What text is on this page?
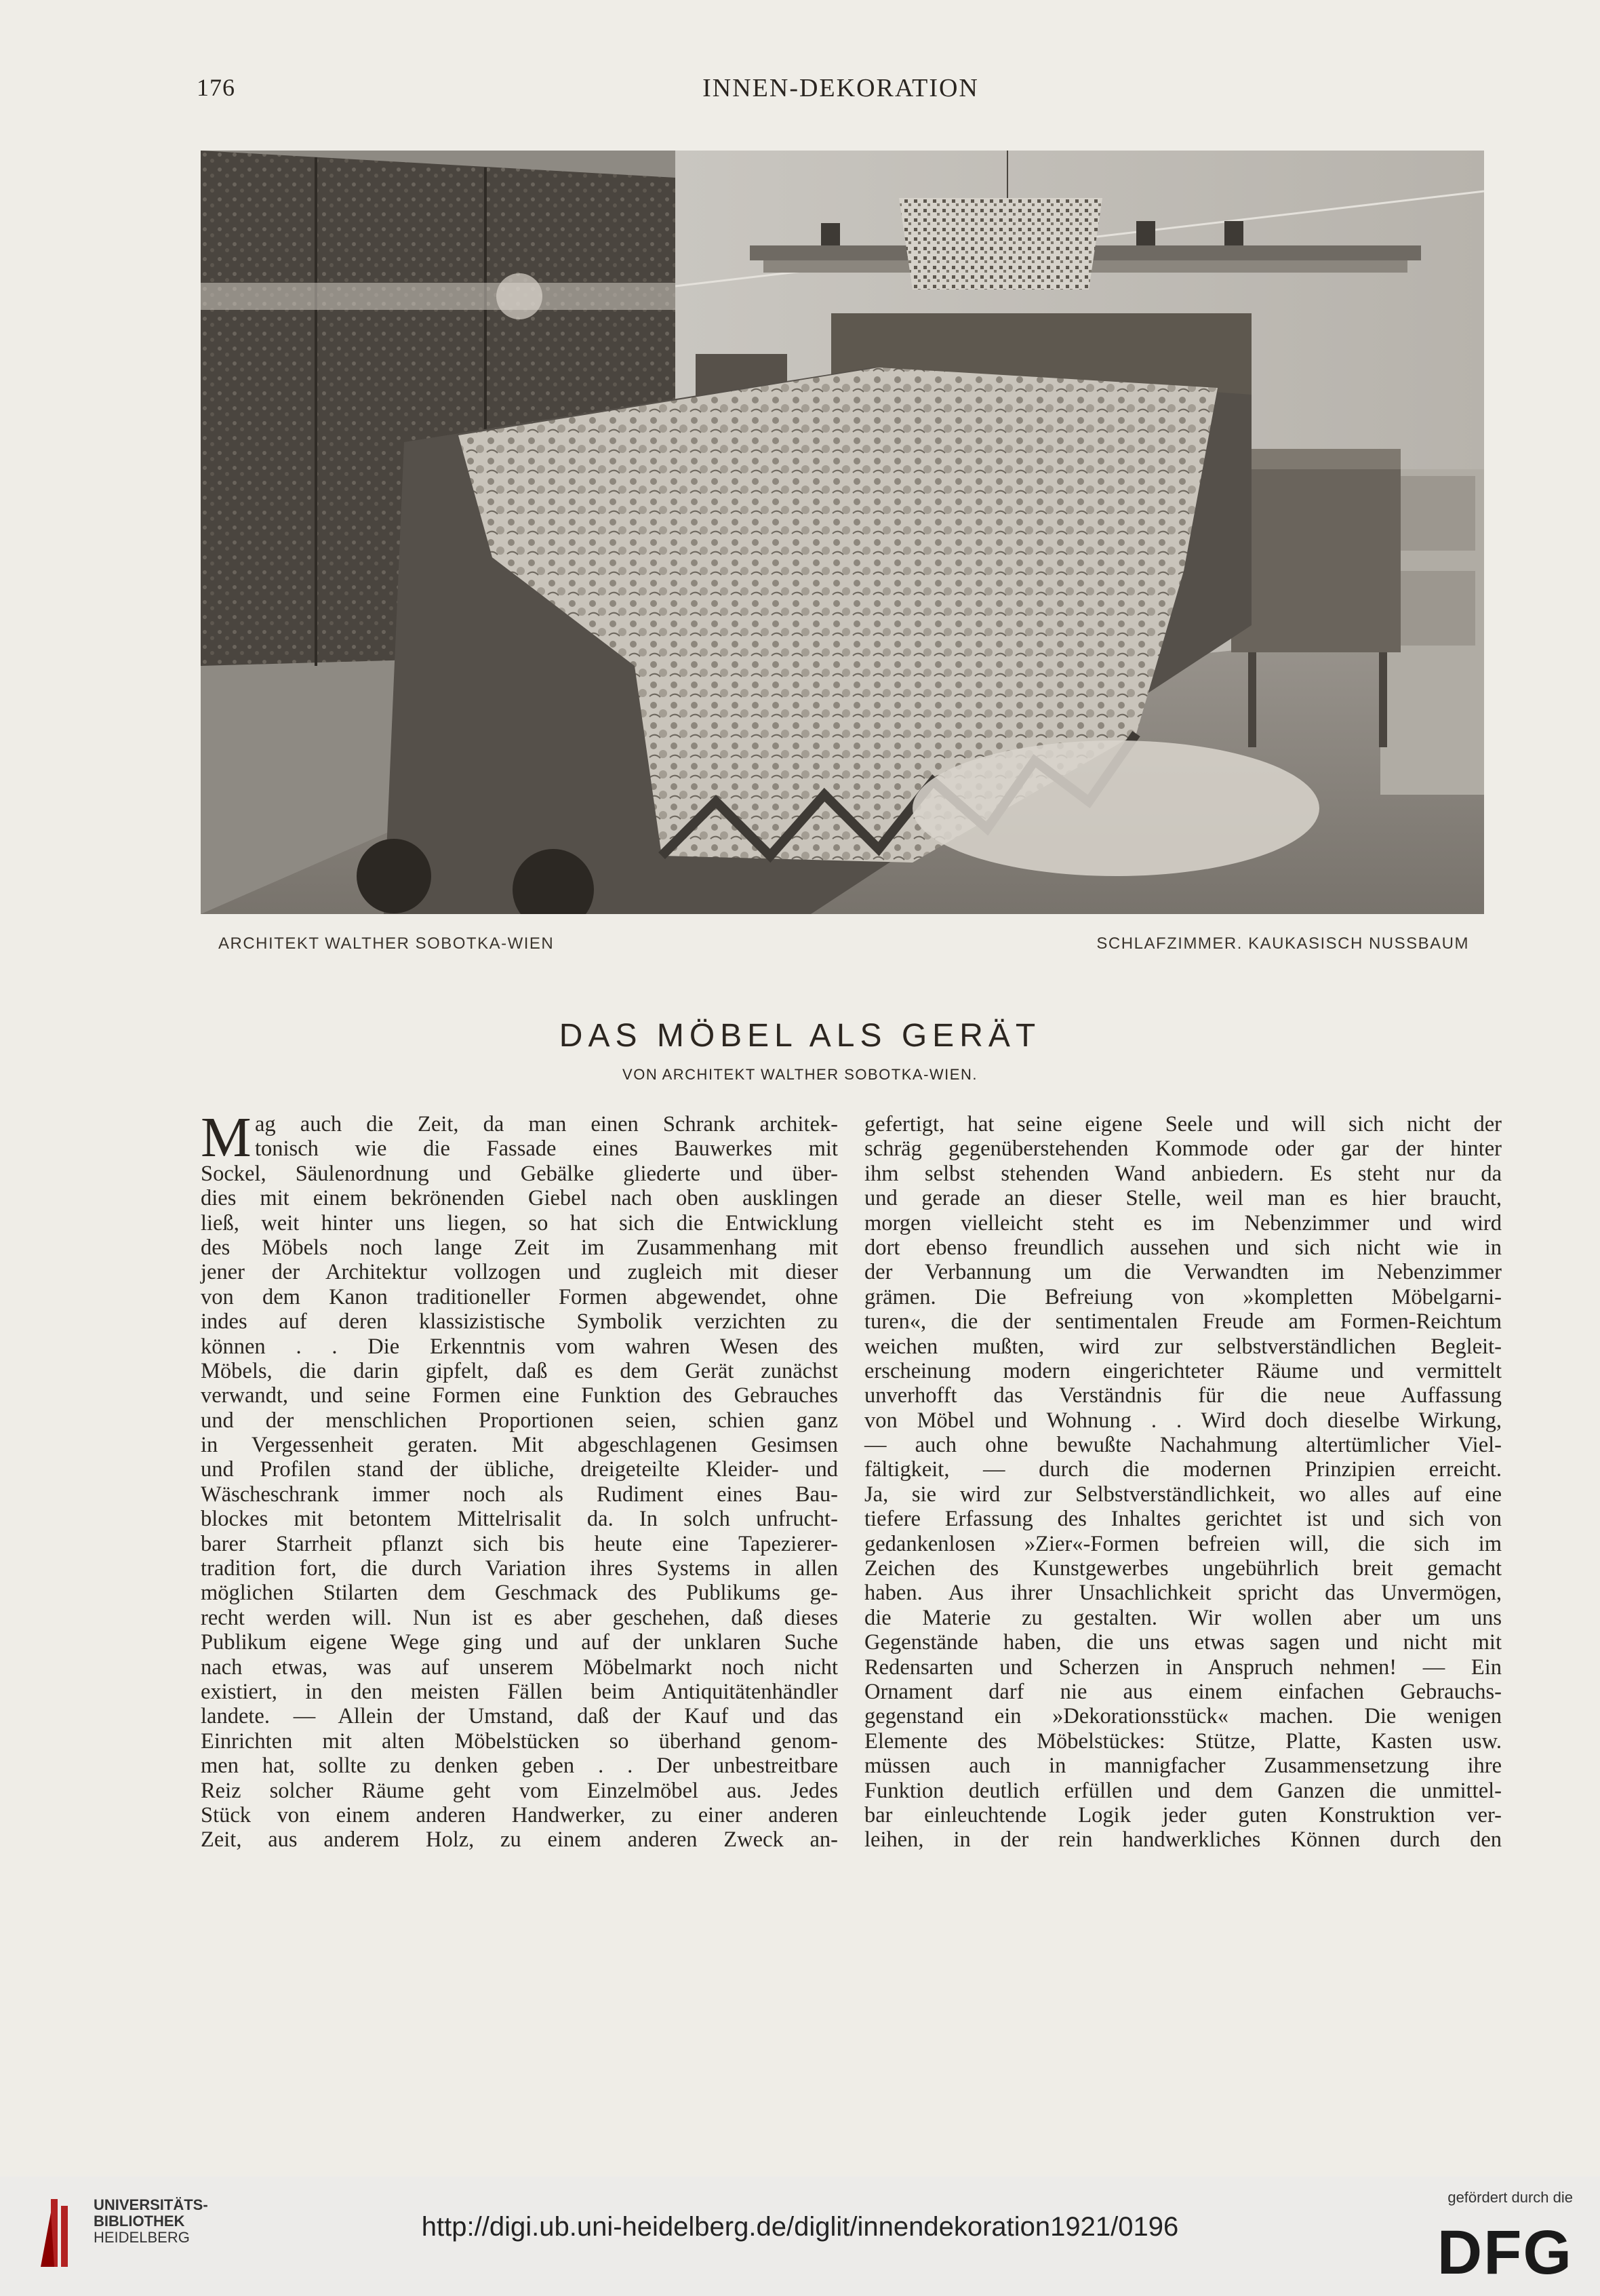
176	INNEN-DEKORATION
ARCHITEKT WALTHER SOBOTKA-WIEN	SCHLAFZIMMER. KAUKASISCH NUSSBAUM
DAS MÖBEL ALS GERÄT
VON ARCHITEKT WALTHER SOBOTKA-WIEN.
M ag auch die Zeit, da man einen Schrank architek-
tonisch wie die Fassade eines Bauwerkes mit
Sockel, Säulenordnung und Gebälke gliederte und über-
dies mit einem bekrönenden Giebel nach oben ausklingen
ließ, weit hinter uns liegen, so hat sich die Entwicklung
des Möbels noch lange Zeit im Zusammenhang mit
jener der Architektur vollzogen und zugleich mit dieser
von dem Kanon traditioneller Formen abgewendet, ohne
indes auf deren klassizistische Symbolik verzichten zu
können . . Die Erkenntnis vom wahren Wesen des
Möbels, die darin gipfelt, daß es dem Gerät zunächst
verwandt, und seine Formen eine Funktion des Gebrauches
und der menschlichen Proportionen seien, schien ganz
in Vergessenheit geraten. Mit abgeschlagenen Gesimsen
und Profilen stand der übliche, dreigeteilte Kleider- und
Wäscheschrank immer noch als Rudiment eines Bau-
blockes mit betontem Mittelrisalit da. In solch unfrucht-
barer Starrheit pflanzt sich bis heute eine Tapezierer-
tradition fort, die durch Variation ihres Systems in allen
möglichen Stilarten dem Geschmack des Publikums ge-
recht werden will. Nun ist es aber geschehen, daß dieses
Publikum eigene Wege ging und auf der unklaren Suche
nach etwas, was auf unserem Möbelmarkt noch nicht
existiert, in den meisten Fällen beim Antiquitätenhändler
landete. — Allein der Umstand, daß der Kauf und das
Einrichten mit alten Möbelstücken so überhand genom-
men hat, sollte zu denken geben . . Der unbestreitbare
Reiz solcher Räume geht vom Einzelmöbel aus. Jedes
Stück von einem anderen Handwerker, zu einer anderen
Zeit, aus anderem Holz, zu einem anderen Zweck an-
gefertigt, hat seine eigene Seele und will sich nicht der
schräg gegenüberstehenden Kommode oder gar der hinter
ihm selbst stehenden Wand anbiedern. Es steht nur da
und gerade an dieser Stelle, weil man es hier braucht,
morgen vielleicht steht es im Nebenzimmer und wird
dort ebenso freundlich aussehen und sich nicht wie in
der Verbannung um die Verwandten im Nebenzimmer
grämen. Die Befreiung von »kompletten Möbelgarni-
turen«, die der sentimentalen Freude am Formen-Reichtum
weichen mußten, wird zur selbstverständlichen Begleit-
erscheinung modern eingerichteter Räume und vermittelt
unverhofft das Verständnis für die neue Auffassung
von Möbel und Wohnung . . Wird doch dieselbe Wirkung,
— auch ohne bewußte Nachahmung altertümlicher Viel-
fältigkeit, — durch die modernen Prinzipien erreicht.
Ja, sie wird zur Selbstverständlichkeit, wo alles auf eine
tiefere Erfassung des Inhaltes gerichtet ist und sich von
gedankenlosen »Zier«-Formen befreien will, die sich im
Zeichen des Kunstgewerbes ungebührlich breit gemacht
haben. Aus ihrer Unsachlichkeit spricht das Unvermögen,
die Materie zu gestalten. Wir wollen aber um uns
Gegenstände haben, die uns etwas sagen und nicht mit
Redensarten und Scherzen in Anspruch nehmen! — Ein
Ornament darf nie aus einem einfachen Gebrauchs-
gegenstand ein »Dekorationsstück« machen. Die wenigen
Elemente des Möbelstückes: Stütze, Platte, Kasten usw.
müssen auch in mannigfacher Zusammensetzung ihre
Funktion deutlich erfüllen und dem Ganzen die unmittel-
bar einleuchtende Logik jeder guten Konstruktion ver-
leihen, in der rein handwerkliches Können durch den
UNIVERSITÄTS-
BIBLIOTHEK
HEIDELBERG	http://digi.ub.uni-heidelberg.de/diglit/innendekoration1921/0196
gefördert durch die
DFG
